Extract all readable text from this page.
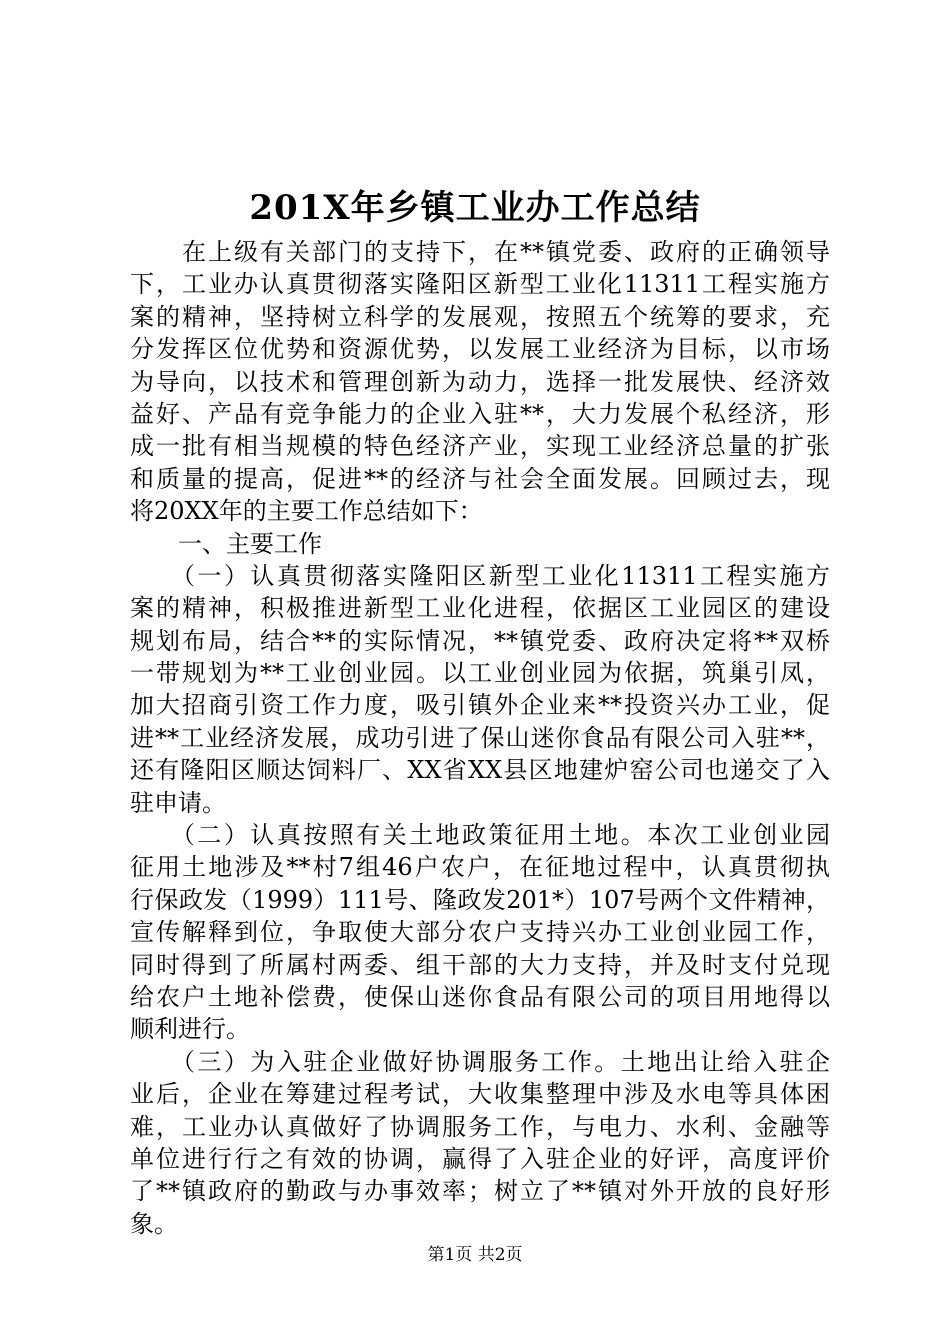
201X年乡镇工业办工作总结
　　在上级有关部门的支持下，在**镇党委、政府的正确领导
下，工业办认真贯彻落实隆阳区新型工业化11311工程实施方
案的精神，坚持树立科学的发展观，按照五个统筹的要求，充
分发挥区位优势和资源优势，以发展工业经济为目标，以市场
为导向，以技术和管理创新为动力，选择一批发展快、经济效
益好、产品有竞争能力的企业入驻**，大力发展个私经济，形
成一批有相当规模的特色经济产业，实现工业经济总量的扩张
和质量的提高，促进**的经济与社会全面发展。回顾过去，现
将20XX年的主要工作总结如下：
　　一、主要工作
　　（一）认真贯彻落实隆阳区新型工业化11311工程实施方
案的精神，积极推进新型工业化进程，依据区工业园区的建设
规划布局，结合**的实际情况，**镇党委、政府决定将**双桥
一带规划为**工业创业园。以工业创业园为依据，筑巢引凤，
加大招商引资工作力度，吸引镇外企业来**投资兴办工业，促
进**工业经济发展，成功引进了保山迷你食品有限公司入驻**，
还有隆阳区顺达饲料厂、XX省XX县区地建炉窑公司也递交了入
驻申请。
　　（二）认真按照有关土地政策征用土地。本次工业创业园
征用土地涉及**村7组46户农户，在征地过程中，认真贯彻执
行保政发（1999）111号、隆政发201*）107号两个文件精神，
宣传解释到位，争取使大部分农户支持兴办工业创业园工作，
同时得到了所属村两委、组干部的大力支持，并及时支付兑现
给农户土地补偿费，使保山迷你食品有限公司的项目用地得以
顺利进行。
　　（三）为入驻企业做好协调服务工作。土地出让给入驻企
业后，企业在筹建过程考试，大收集整理中涉及水电等具体困
难，工业办认真做好了协调服务工作，与电力、水利、金融等
单位进行行之有效的协调，赢得了入驻企业的好评，高度评价
了**镇政府的勤政与办事效率；树立了**镇对外开放的良好形
象。
第1页 共2页
